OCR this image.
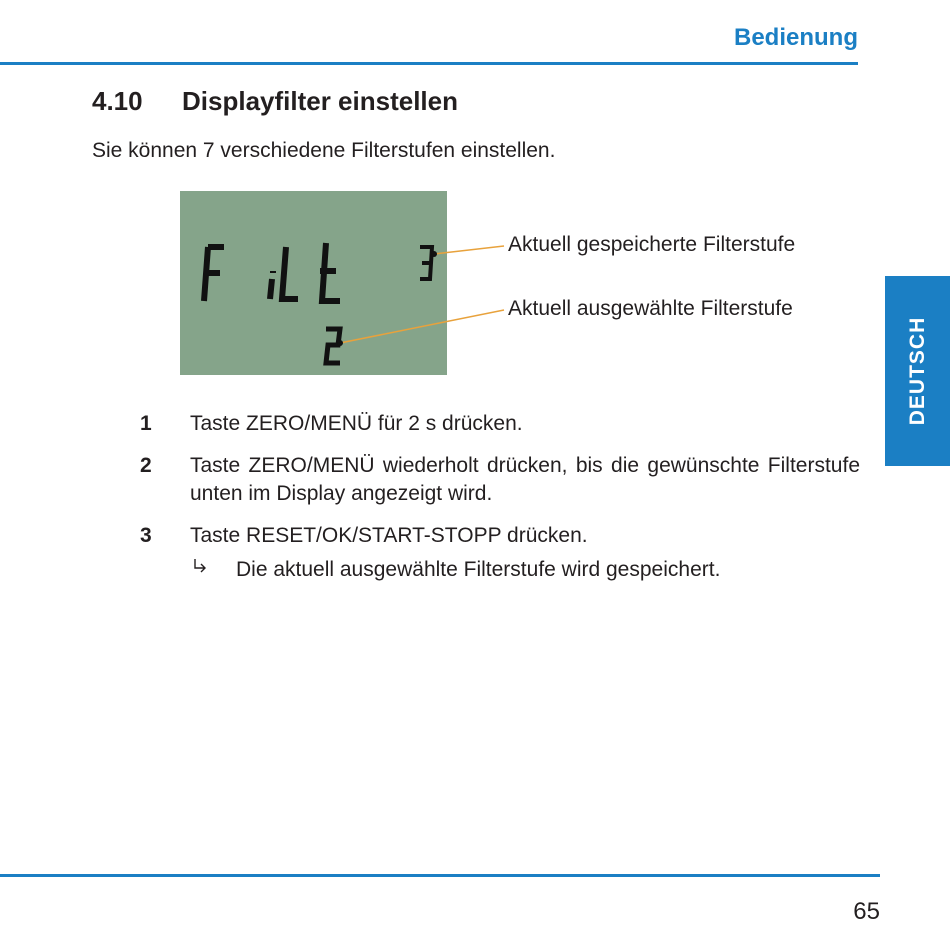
Bedienung
4.10 Displayfilter einstellen
Sie können 7 verschiedene Filterstufen einstellen.
Aktuell gespeicherte Filterstufe
Aktuell ausgewählte Filterstufe
1	Taste ZERO/MENÜ für 2 s drücken.
2	Taste ZERO/MENÜ wiederholt drücken, bis die gewünschte Filterstufe unten im Display angezeigt wird.
3	Taste RESET/OK/START-STOPP drücken.
Die aktuell ausgewählte Filterstufe wird gespeichert.
DEUTSCH
65
